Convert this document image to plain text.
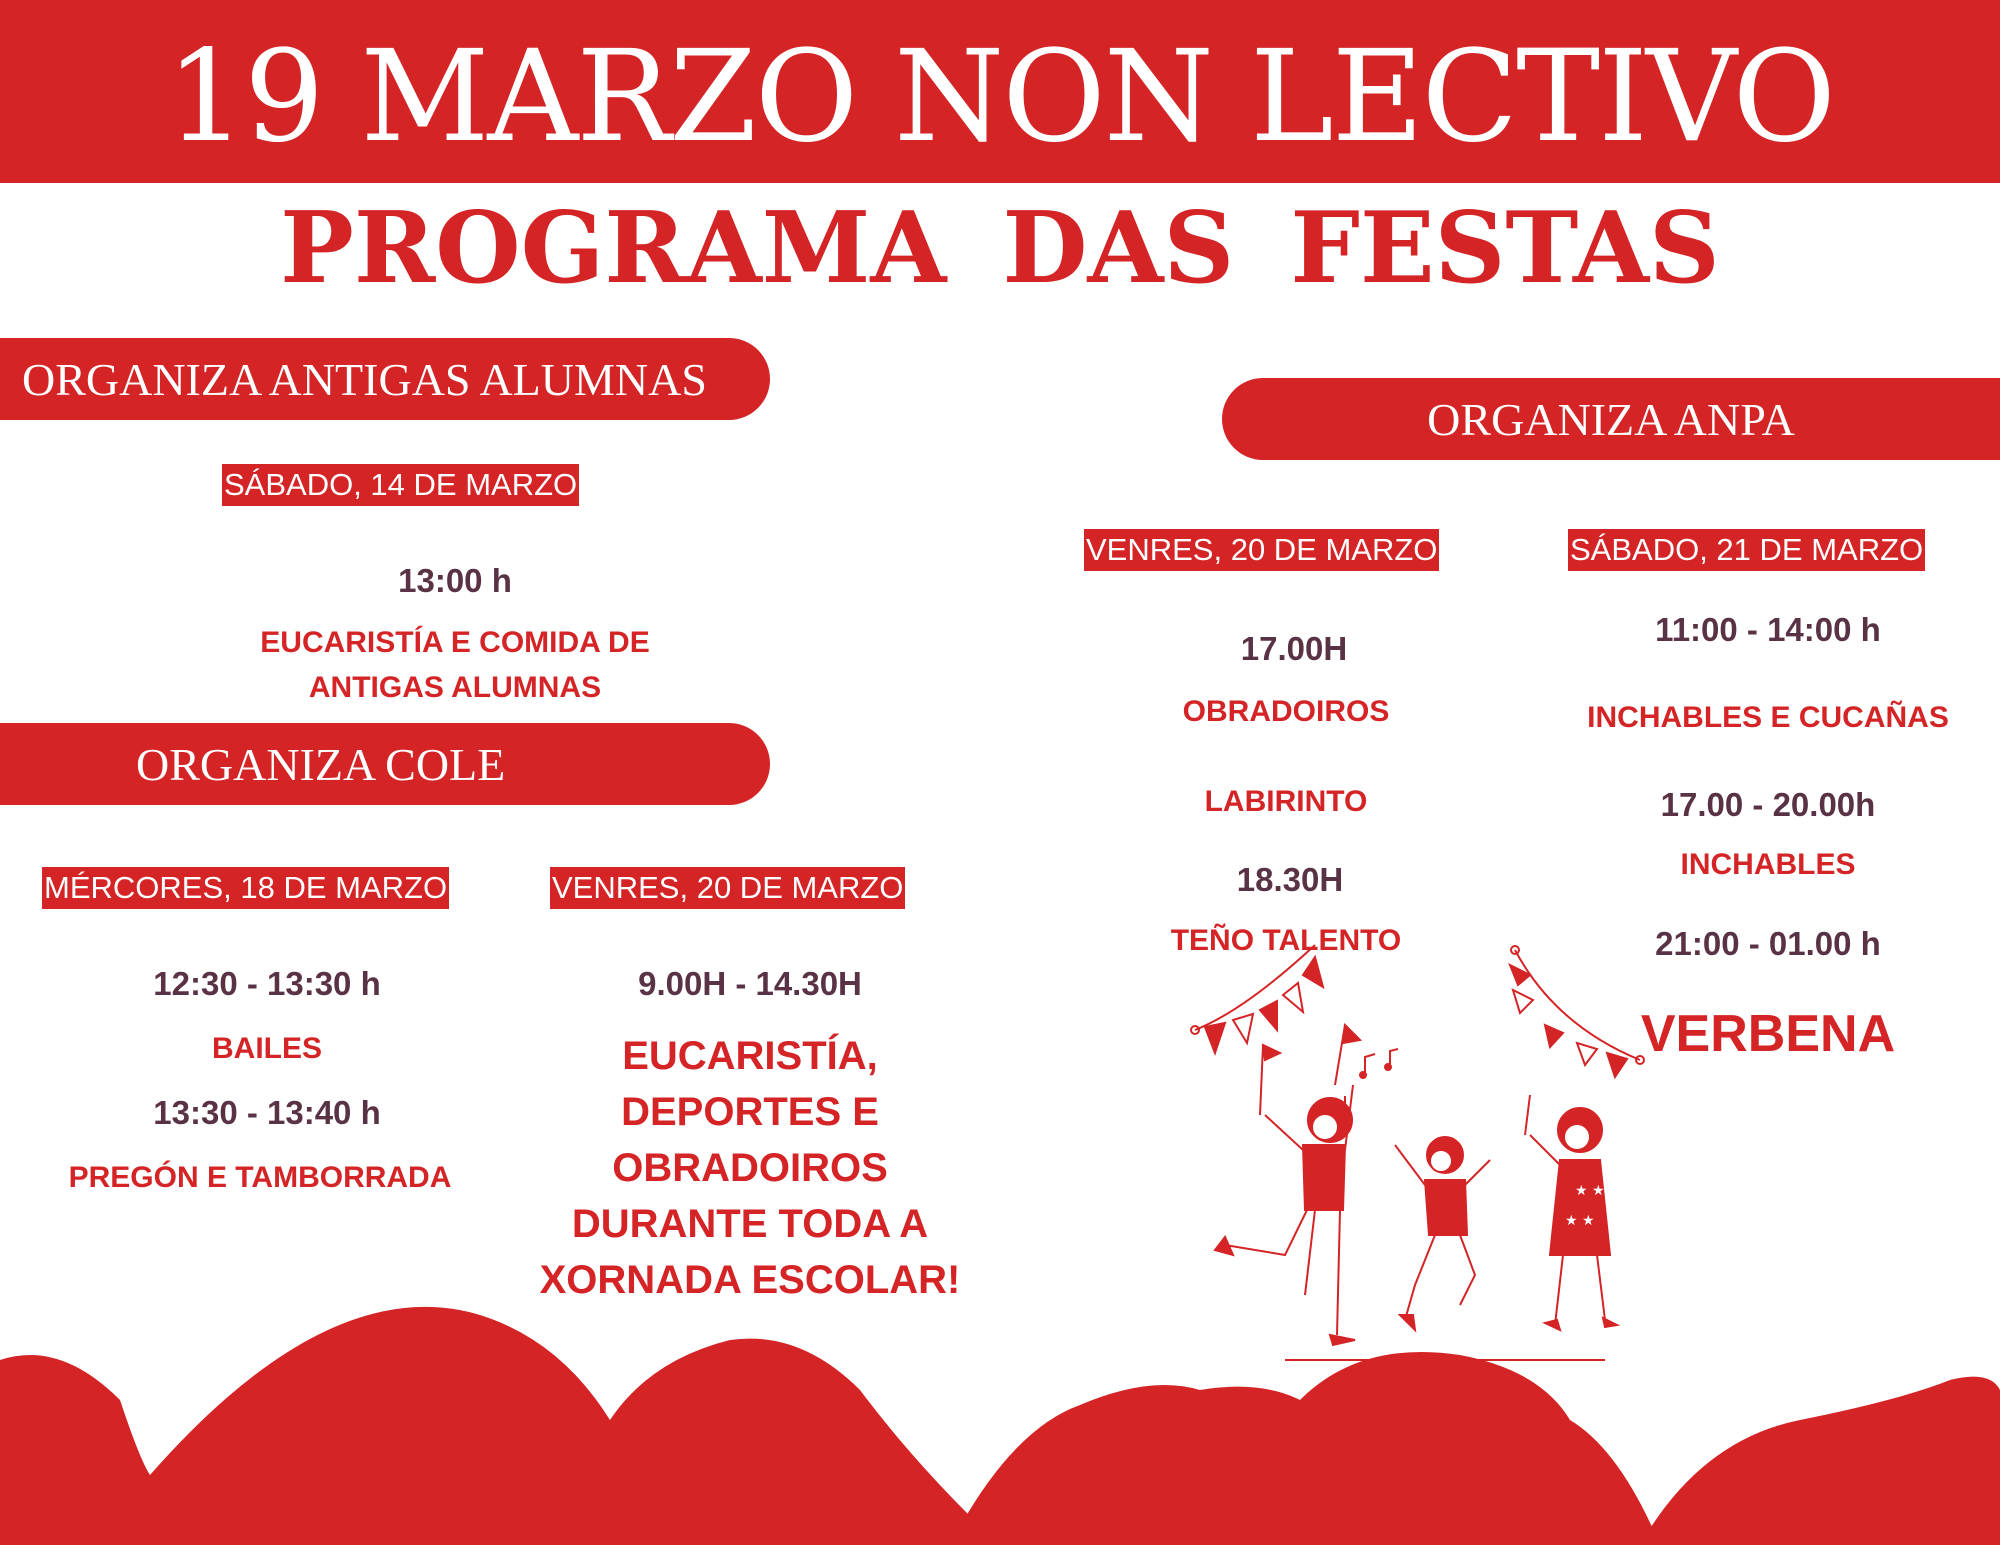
19 MARZO NON LECTIVO
PROGRAMA DAS FESTAS
ORGANIZA ANTIGAS ALUMNAS
SÁBADO, 14 DE MARZO
13:00 h
EUCARISTÍA E COMIDA DE
ANTIGAS ALUMNAS
ORGANIZA COLE
MÉRCORES, 18 DE MARZO
12:30 - 13:30 h
BAILES
13:30 - 13:40 h
PREGÓN E TAMBORRADA
VENRES, 20 DE MARZO
9.00H - 14.30H
EUCARISTÍA,
DEPORTES E
OBRADOIROS
DURANTE TODA A
XORNADA ESCOLAR!
ORGANIZA ANPA
VENRES, 20 DE MARZO
17.00H
OBRADOIROS
LABIRINTO
18.30H
TEÑO TALENTO
SÁBADO, 21 DE MARZO
11:00 - 14:00 h
INCHABLES E CUCAÑAS
17.00 - 20.00h
INCHABLES
21:00 - 01.00 h
VERBENA
★ ★
★ ★
